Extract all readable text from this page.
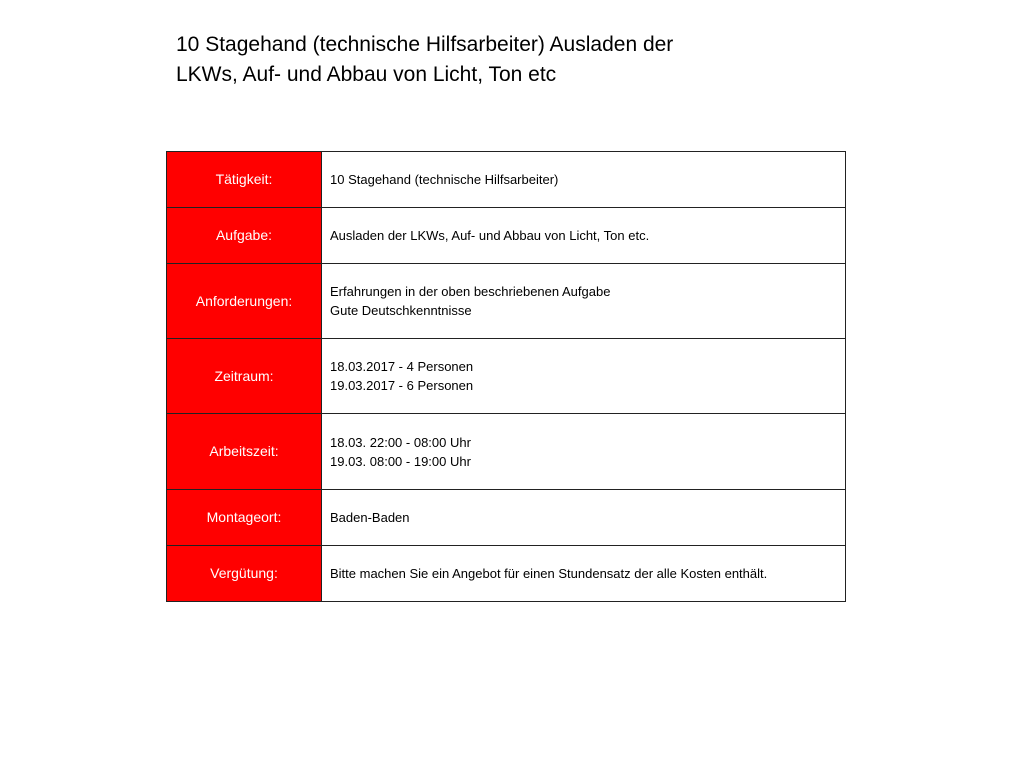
10 Stagehand (technische Hilfsarbeiter) Ausladen der
LKWs, Auf- und Abbau von Licht, Ton etc
Tätigkeit:	10 Stagehand (technische Hilfsarbeiter)

Aufgabe:	Ausladen der LKWs, Auf- und Abbau von Licht, Ton etc.

Anforderungen:	Erfahrungen in der oben beschriebenen Aufgabe
Gute Deutschkenntnisse

Zeitraum:	18.03.2017 - 4 Personen
19.03.2017 - 6 Personen

Arbeitszeit:	18.03. 22:00 - 08:00 Uhr
19.03. 08:00 - 19:00 Uhr

Montageort:	Baden-Baden

Vergütung:	Bitte machen Sie ein Angebot für einen Stundensatz der alle Kosten enthält.
